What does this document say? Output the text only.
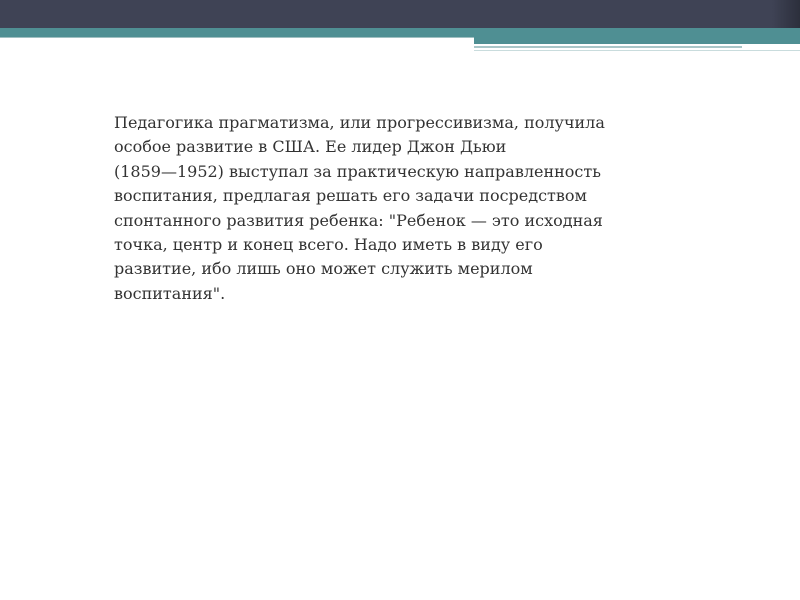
Педагогика прагматизма, или прогрессивизма, получила
особое развитие в США. Ее лидер Джон Дьюи
(1859—1952) выступал за практическую направленность
воспитания, предлагая решать его задачи посредством
спонтанного развития ребенка: "Ребенок — это исходная
точка, центр и конец всего. Надо иметь в виду его
развитие, ибо лишь оно может служить мерилом
воспитания".
